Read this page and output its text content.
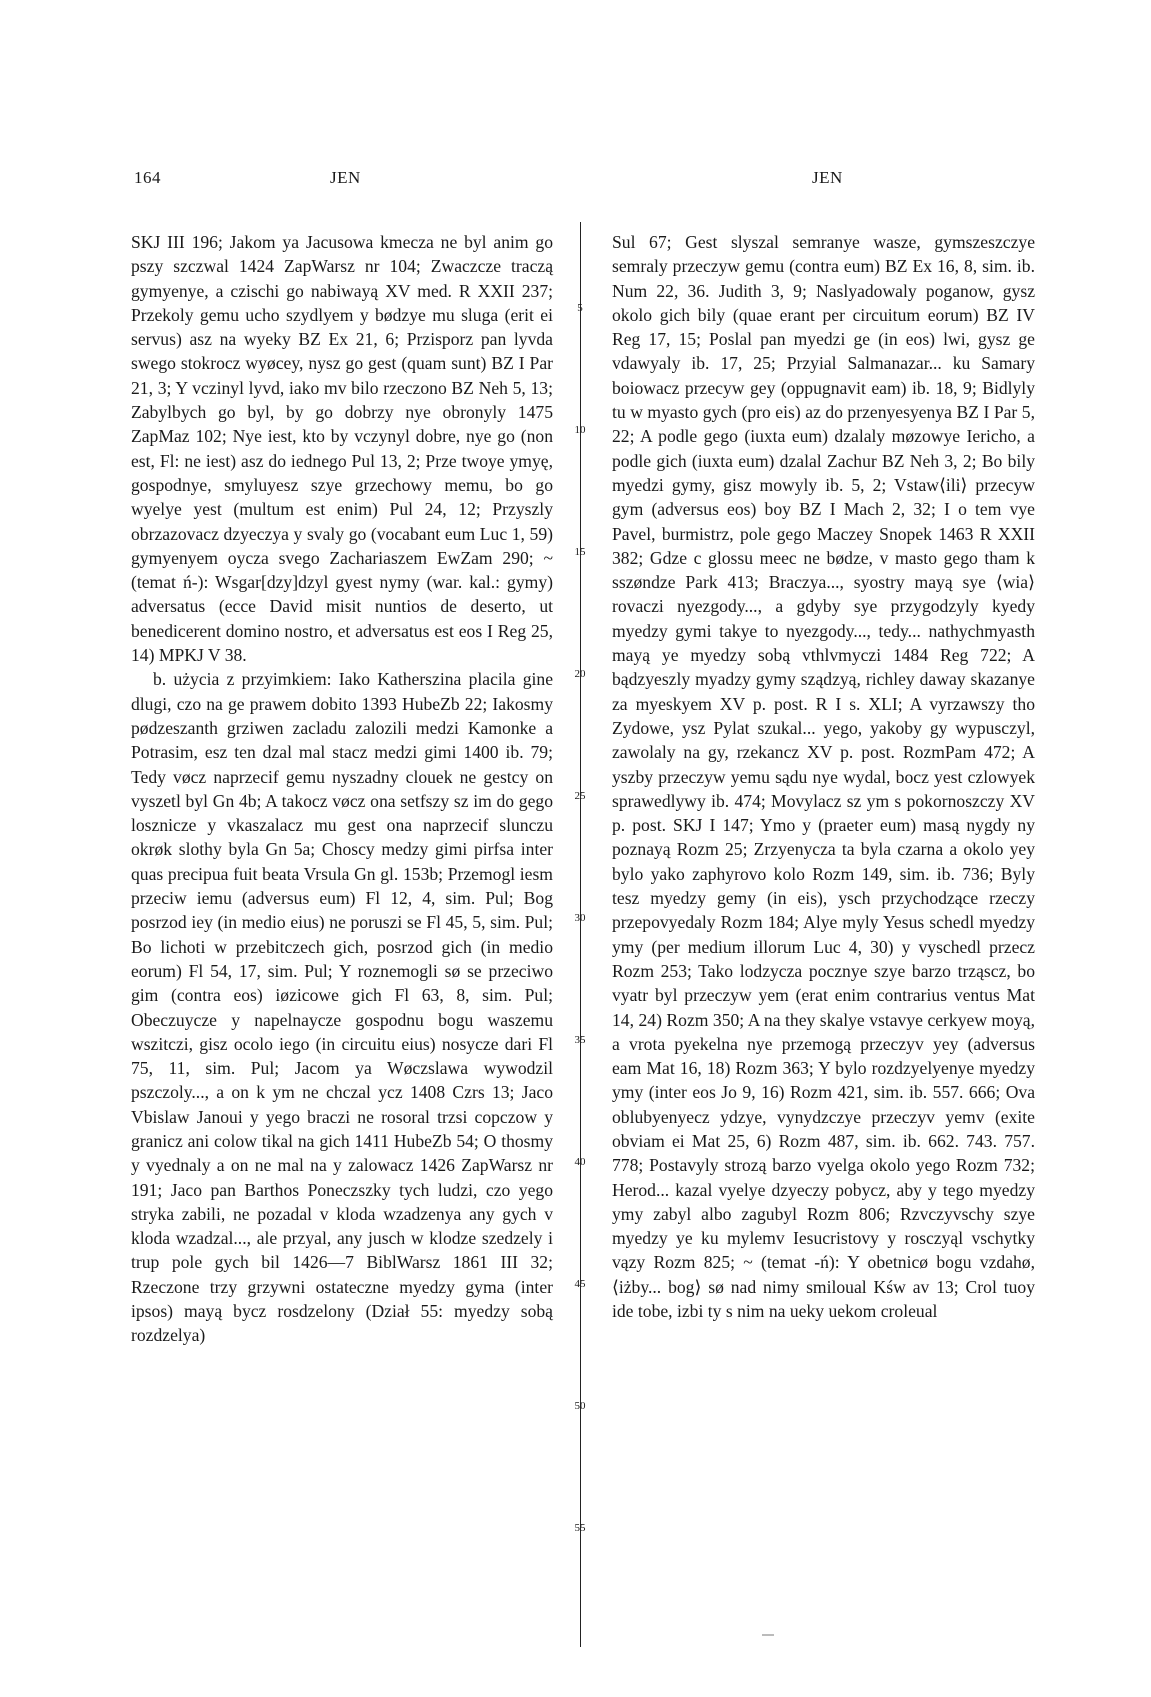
164	JEN	JEN

SKJ III 196; Jakom ya Jacusowa kmecza ne byl anim go pszy szczwal 1424 ZapWarsz nr 104; Zwaczcze traczą gymyenye, a czischi go nabiwayą XV med. R XXII 237; Przekoly gemu ucho szydlyem y bødzye mu sluga (erit ei servus) asz na wyeky BZ Ex 21, 6; Przisporz pan lyvda swego stokrocz wyøcey, nysz go gest (quam sunt) BZ I Par 21, 3; Y vczinyl lyvd, iako mv bilo rzeczono BZ Neh 5, 13; Zabylbych go byl, by go dobrzy nye obronyly 1475 ZapMaz 102; Nye iest, kto by vczynyl dobre, nye go (non est, Fl: ne iest) asz do iednego Pul 13, 2; Prze twoye ymyę, gospodnye, smyluyesz szye grzechowy memu, bo go wyelye yest (multum est enim) Pul 24, 12; Przyszly obrzazovacz dzyeczya y svaly go (vocabant eum Luc 1, 59) gymyenyem oycza svego Zachariaszem EwZam 290; ~ (temat ń-): Wsgar[dzy]dzyl gyest nymy (war. kal.: gymy) adversatus (ecce David misit nuntios de deserto, ut benedicerent domino nostro, et adversatus est eos I Reg 25, 14) MPKJ V 38.

b. użycia z przyimkiem: Iako Katherszina placila gine dlugi, czo na ge prawem dobito 1393 HubeZb 22; Iakosmy pødzeszanth grziwen zacladu zalozili medzi Kamonke a Potrasim, esz ten dzal mal stacz medzi gimi 1400 ib. 79; Tedy vøcz naprzecif gemu nyszadny clouek ne gestcy on vyszetl byl Gn 4b; A takocz vøcz ona setfszy sz im do gego losznicze y vkaszalacz mu gest ona naprzecif slunczu okrøk slothy byla Gn 5a; Choscy medzy gimi pirfsa inter quas precipua fuit beata Vrsula Gn gl. 153b; Przemogl iesm przeciw iemu (adversus eum) Fl 12, 4, sim. Pul; Bog posrzod iey (in medio eius) ne poruszi se Fl 45, 5, sim. Pul; Bo lichoti w przebitczech gich, posrzod gich (in medio eorum) Fl 54, 17, sim. Pul; Y roznemogli sø se przeciwo gim (contra eos) iøzicowe gich Fl 63, 8, sim. Pul; Obeczuycze y napelnaycze gospodnu bogu waszemu wszitczi, gisz ocolo iego (in circuitu eius) nosycze dari Fl 75, 11, sim. Pul; Jacom ya Wøczslawa wywodzil pszczoly..., a on k ym ne chczal ycz 1408 Czrs 13; Jaco Vbislaw Janoui y yego braczi ne rosoral trzsi copczow y granicz ani colow tikal na gich 1411 HubeZb 54; O thosmy y vyednaly a on ne mal na y zalowacz 1426 ZapWarsz nr 191; Jaco pan Barthos Poneczszky tych ludzi, czo yego stryka zabili, ne pozadal v kloda wzadzenya any gych v kloda wzadzal..., ale przyal, any jusch w klodze szedzely i trup pole gych bil 1426—7 BiblWarsz 1861 III 32; Rzeczone trzy grzywni ostateczne myedzy gyma (inter ipsos) mayą bycz rosdzelony (Dział 55: myedzy sobą rozdzelya)

5
10
15
20
25
30
35
40
45
50
55

Sul 67; Gest slyszal semranye wasze, gymszeszczye semraly przeczyw gemu (contra eum) BZ Ex 16, 8, sim. ib. Num 22, 36. Judith 3, 9; Naslyadowaly poganow, gysz okolo gich bily (quae erant per circuitum eorum) BZ IV Reg 17, 15; Poslal pan myedzi ge (in eos) lwi, gysz ge vdawyaly ib. 17, 25; Przyial Salmanazar... ku Samary boiowacz przecyw gey (oppugnavit eam) ib. 18, 9; Bidlyly tu w myasto gych (pro eis) az do przenyesyenya BZ I Par 5, 22; A podle gego (iuxta eum) dzalaly møzowye Iericho, a podle gich (iuxta eum) dzalal Zachur BZ Neh 3, 2; Bo bily myedzi gymy, gisz mowyly ib. 5, 2; Vstaw⟨ili⟩ przecyw gym (adversus eos) boy BZ I Mach 2, 32; I o tem vye Pavel, burmistrz, pole gego Maczey Snopek 1463 R XXII 382; Gdze c glossu meec ne bødze, v masto gego tham k sszøndze Park 413; Braczya..., syostry mayą sye ⟨wia⟩rovaczi nyezgody..., a gdyby sye przygodzyly kyedy myedzy gymi takye to nyezgody..., tedy... nathychmyasth mayą ye myedzy sobą vthlvmyczi 1484 Reg 722; A bądzyeszly myadzy gymy sządzyą, richley daway skazanye za myeskyem XV p. post. R I s. XLI; A vyrzawszy tho Zydowe, ysz Pylat szukal... yego, yakoby gy wypusczyl, zawolaly na gy, rzekancz XV p. post. RozmPam 472; A yszby przeczyw yemu sądu nye wydal, bocz yest czlowyek sprawedlywy ib. 474; Movylacz sz ym s pokornoszczy XV p. post. SKJ I 147; Ymo y (praeter eum) masą nygdy ny poznayą Rozm 25; Zrzyenycza ta byla czarna a okolo yey bylo yako zaphyrovo kolo Rozm 149, sim. ib. 736; Byly tesz myedzy gemy (in eis), ysch przychodzące rzeczy przepovyedaly Rozm 184; Alye myly Yesus schedl myedzy ymy (per medium illorum Luc 4, 30) y vyschedl przecz Rozm 253; Tako lodzycza pocznye szye barzo trząscz, bo vyatr byl przeczyw yem (erat enim contrarius ventus Mat 14, 24) Rozm 350; A na they skalye vstavye cerkyew moyą, a vrota pyekelna nye przemogą przeczyv yey (adversus eam Mat 16, 18) Rozm 363; Y bylo rozdzyelyenye myedzy ymy (inter eos Jo 9, 16) Rozm 421, sim. ib. 557. 666; Ova oblubyenyecz ydzye, vynydzczye przeczyv yemv (exite obviam ei Mat 25, 6) Rozm 487, sim. ib. 662. 743. 757. 778; Postavyly strozą barzo vyelga okolo yego Rozm 732; Herod... kazal vyelye dzyeczy pobycz, aby y tego myedzy ymy zabyl albo zagubyl Rozm 806; Rzvczyvschy szye myedzy ye ku mylemv Iesucristovy y rosczyąl vschytky vązy Rozm 825; ~ (temat -ń): Y obetnicø bogu vzdahø, ⟨iżby... bog⟩ sø nad nimy smiloual Kśw av 13; Crol tuoy ide tobe, izbi ty s nim na ueky uekom croleual
